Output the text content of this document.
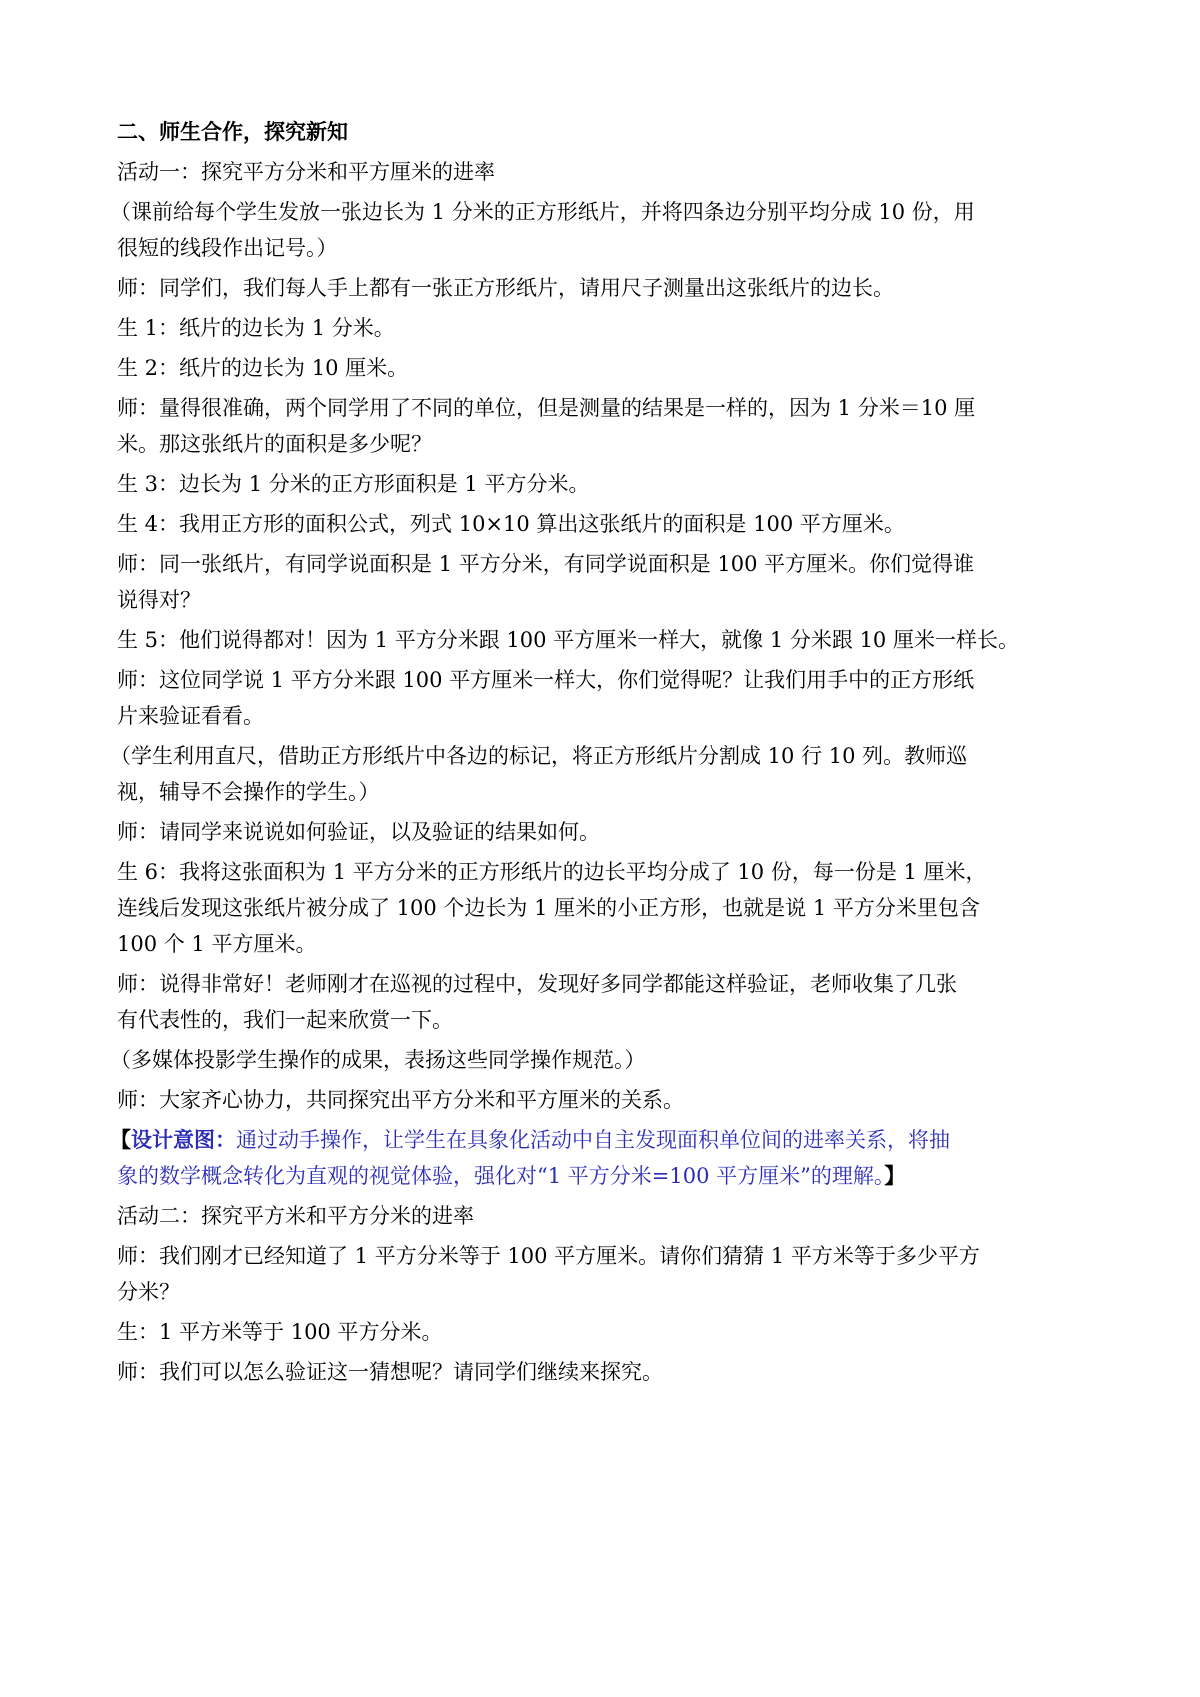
二、师生合作，探究新知
活动一：探究平方分米和平方厘米的进率
（课前给每个学生发放一张边长为 1 分米的正方形纸片，并将四条边分别平均分成 10 份，用
很短的线段作出记号。）
师：同学们，我们每人手上都有一张正方形纸片，请用尺子测量出这张纸片的边长。
生 1：纸片的边长为 1 分米。
生 2：纸片的边长为 10 厘米。
师：量得很准确，两个同学用了不同的单位，但是测量的结果是一样的，因为 1 分米＝10 厘
米。那这张纸片的面积是多少呢？
生 3：边长为 1 分米的正方形面积是 1 平方分米。
生 4：我用正方形的面积公式，列式 10×10 算出这张纸片的面积是 100 平方厘米。
师：同一张纸片，有同学说面积是 1 平方分米，有同学说面积是 100 平方厘米。你们觉得谁
说得对？
生 5：他们说得都对！因为 1 平方分米跟 100 平方厘米一样大，就像 1 分米跟 10 厘米一样长。
师：这位同学说 1 平方分米跟 100 平方厘米一样大，你们觉得呢？让我们用手中的正方形纸
片来验证看看。
（学生利用直尺，借助正方形纸片中各边的标记，将正方形纸片分割成 10 行 10 列。教师巡
视，辅导不会操作的学生。）
师：请同学来说说如何验证，以及验证的结果如何。
生 6：我将这张面积为 1 平方分米的正方形纸片的边长平均分成了 10 份，每一份是 1 厘米，
连线后发现这张纸片被分成了 100 个边长为 1 厘米的小正方形，也就是说 1 平方分米里包含
100 个 1 平方厘米。
师：说得非常好！老师刚才在巡视的过程中，发现好多同学都能这样验证，老师收集了几张
有代表性的，我们一起来欣赏一下。
（多媒体投影学生操作的成果，表扬这些同学操作规范。）
师：大家齐心协力，共同探究出平方分米和平方厘米的关系。
【设计意图：通过动手操作，让学生在具象化活动中自主发现面积单位间的进率关系，将抽
象的数学概念转化为直观的视觉体验，强化对“1 平方分米=100 平方厘米”的理解。】
活动二：探究平方米和平方分米的进率
师：我们刚才已经知道了 1 平方分米等于 100 平方厘米。请你们猜猜 1 平方米等于多少平方
分米？
生：1 平方米等于 100 平方分米。
师：我们可以怎么验证这一猜想呢？请同学们继续来探究。
